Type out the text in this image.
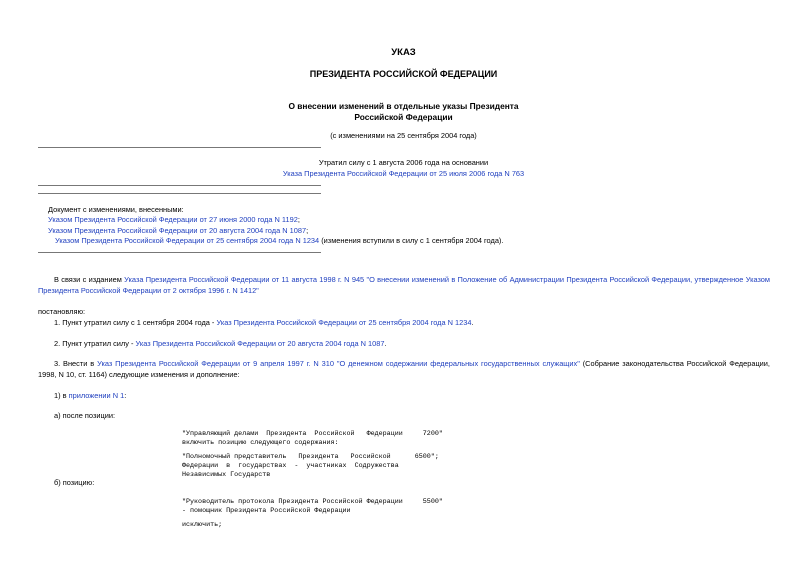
УКАЗ
ПРЕЗИДЕНТА РОССИЙСКОЙ ФЕДЕРАЦИИ
О внесении изменений в отдельные указы Президента
Российской Федерации
(с изменениями на 25 сентября 2004 года)
Утратил силу с 1 августа 2006 года на основании
Указа Президента Российской Федерации от 25 июля 2006 года N 763
Документ с изменениями, внесенными:
Указом Президента Российской Федерации от 27 июня 2000 года N 1192;
Указом Президента Российской Федерации от 20 августа 2004 года N 1087;
Указом Президента Российской Федерации от 25 сентября 2004 года N 1234 (изменения вступили в силу с 1 сентября 2004 года).
В связи с изданием Указа Президента Российской Федерации от 11 августа 1998 г. N 945 "О внесении изменений в Положение об Администрации Президента Российской Федерации, утвержденное Указом Президента Российской Федерации от 2 октября 1996 г. N 1412"
постановляю:
1. Пункт утратил силу с 1 сентября 2004 года - Указ Президента Российской Федерации от 25 сентября 2004 года N 1234.
2. Пункт утратил силу - Указ Президента Российской Федерации от 20 августа 2004 года N 1087.
3. Внести в Указ Президента Российской Федерации от 9 апреля 1997 г. N 310 "О денежном содержании федеральных государственных служащих" (Собрание законодательства Российской Федерации, 1998, N 10, ст. 1164) следующие изменения и дополнение:
1) в приложении N 1:
а) после позиции:
"Управляющий делами  Президента  Российской   Федерации     7200"
включить позицию следующего содержания:
"Полномочный представитель   Президента   Российской      6500";
Федерации  в  государствах  -  участниках  Содружества
Независимых Государств
б) позицию:
"Руководитель протокола Президента Российской Федерации     5500"
- помощник Президента Российской Федерации
исключить;
